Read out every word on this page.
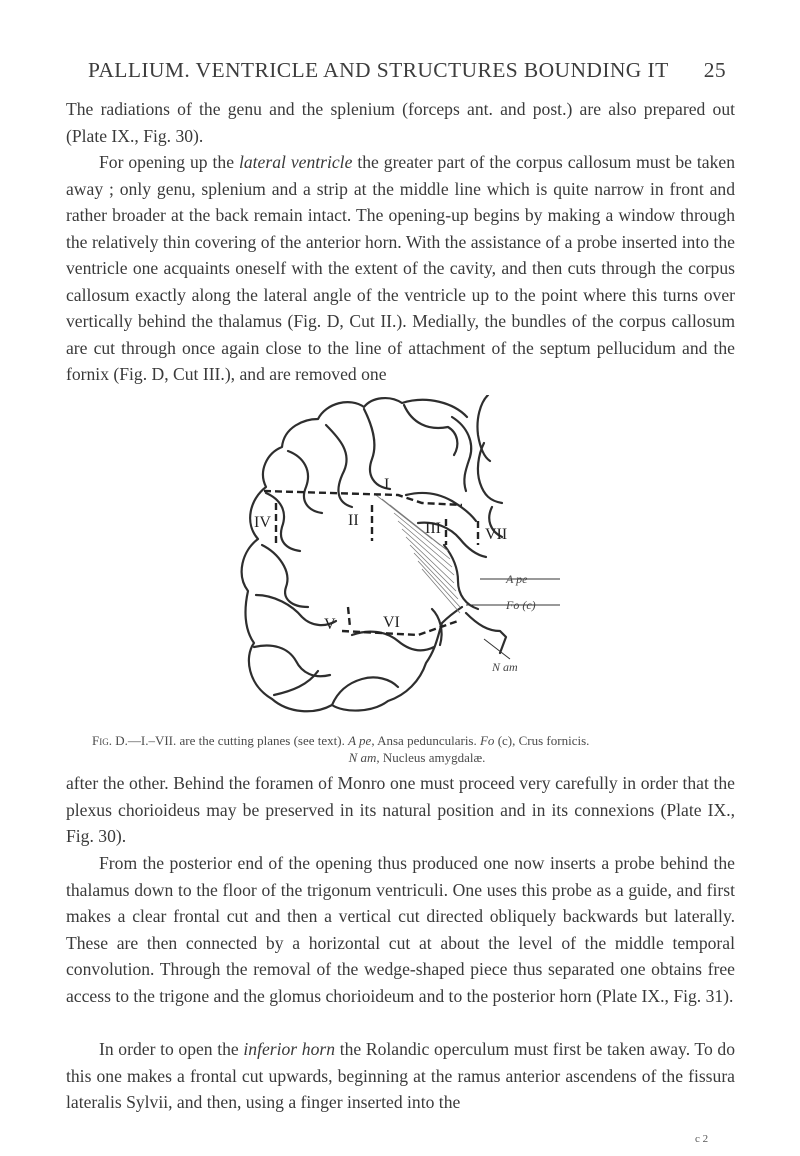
PALLIUM. VENTRICLE AND STRUCTURES BOUNDING IT 25

The radiations of the genu and the splenium (forceps ant. and post.) are also prepared out (Plate IX., Fig. 30).

For opening up the lateral ventricle the greater part of the corpus callosum must be taken away ; only genu, splenium and a strip at the middle line which is quite narrow in front and rather broader at the back remain intact. The opening-up begins by making a window through the relatively thin covering of the anterior horn. With the assistance of a probe inserted into the ventricle one acquaints oneself with the extent of the cavity, and then cuts through the corpus callosum exactly along the lateral angle of the ventricle up to the point where this turns over vertically behind the thalamus (Fig. D, Cut II.). Medially, the bundles of the corpus callosum are cut through once again close to the line of attachment of the septum pellucidum and the fornix (Fig. D, Cut III.), and are removed one

I
II	III
IV
V	VI
VII
A pe
Fo (c)
N am
Fig. D.—I.–VII. are the cutting planes (see text). A pe, Ansa peduncularis. Fo (c), Crus fornicis.
N am, Nucleus amygdalæ.

after the other. Behind the foramen of Monro one must proceed very carefully in order that the plexus chorioideus may be preserved in its natural position and in its connexions (Plate IX., Fig. 30).

From the posterior end of the opening thus produced one now inserts a probe behind the thalamus down to the floor of the trigonum ventriculi. One uses this probe as a guide, and first makes a clear frontal cut and then a vertical cut directed obliquely backwards but laterally. These are then connected by a horizontal cut at about the level of the middle temporal convolution. Through the removal of the wedge-shaped piece thus separated one obtains free access to the trigone and the glomus chorioideum and to the posterior horn (Plate IX., Fig. 31).

In order to open the inferior horn the Rolandic operculum must first be taken away. To do this one makes a frontal cut upwards, beginning at the ramus anterior ascendens of the fissura lateralis Sylvii, and then, using a finger inserted into the

c 2
